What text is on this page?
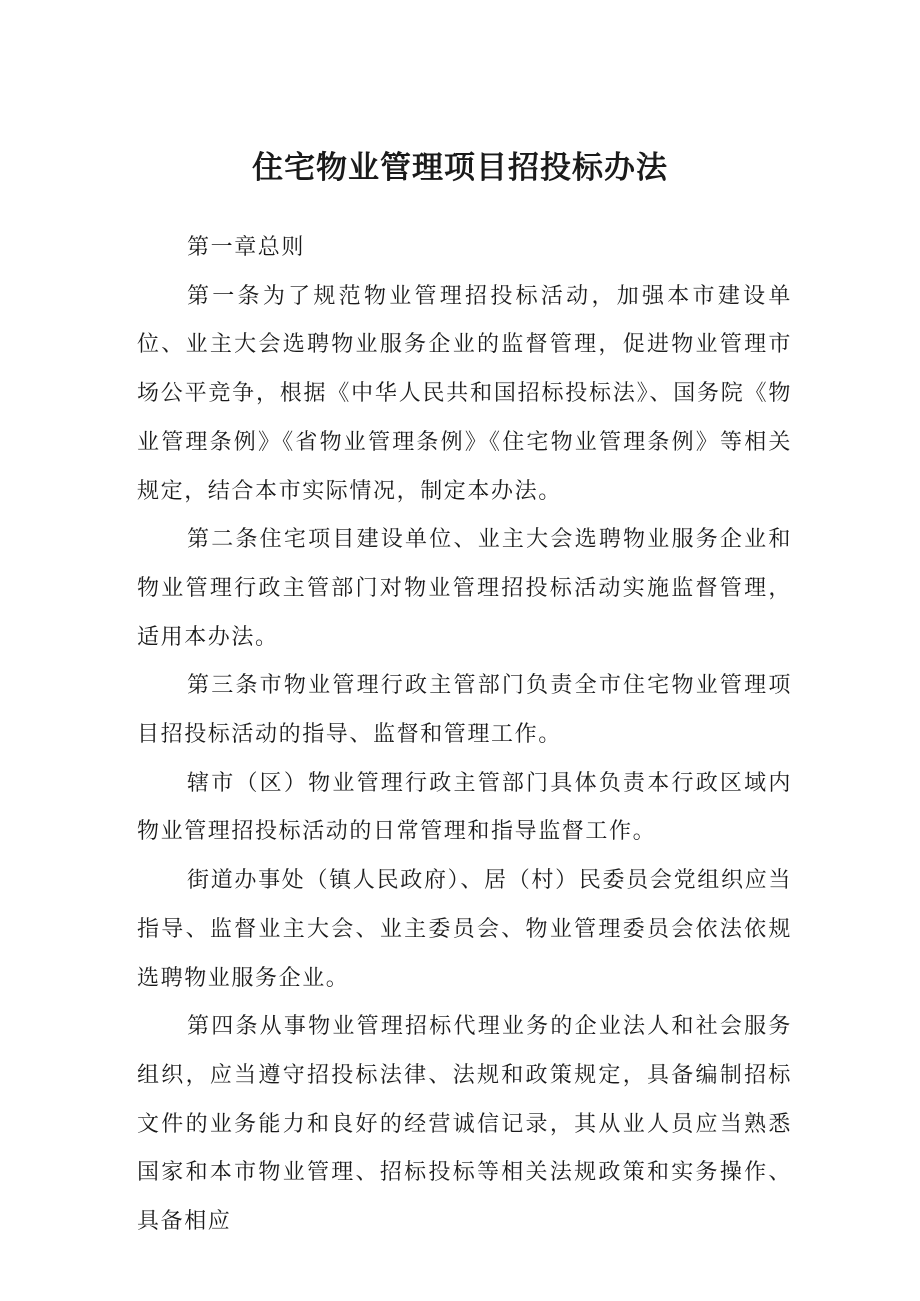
住宅物业管理项目招投标办法

第一章总则

第一条为了规范物业管理招投标活动，加强本市建设单位、业主大会选聘物业服务企业的监督管理，促进物业管理市场公平竞争，根据《中华人民共和国招标投标法》、国务院《物业管理条例》《省物业管理条例》《住宅物业管理条例》等相关规定，结合本市实际情况，制定本办法。

第二条住宅项目建设单位、业主大会选聘物业服务企业和物业管理行政主管部门对物业管理招投标活动实施监督管理，适用本办法。

第三条市物业管理行政主管部门负责全市住宅物业管理项目招投标活动的指导、监督和管理工作。

辖市（区）物业管理行政主管部门具体负责本行政区域内物业管理招投标活动的日常管理和指导监督工作。

街道办事处（镇人民政府）、居（村）民委员会党组织应当指导、监督业主大会、业主委员会、物业管理委员会依法依规选聘物业服务企业。

第四条从事物业管理招标代理业务的企业法人和社会服务组织，应当遵守招投标法律、法规和政策规定，具备编制招标文件的业务能力和良好的经营诚信记录，其从业人员应当熟悉国家和本市物业管理、招标投标等相关法规政策和实务操作、具备相应
